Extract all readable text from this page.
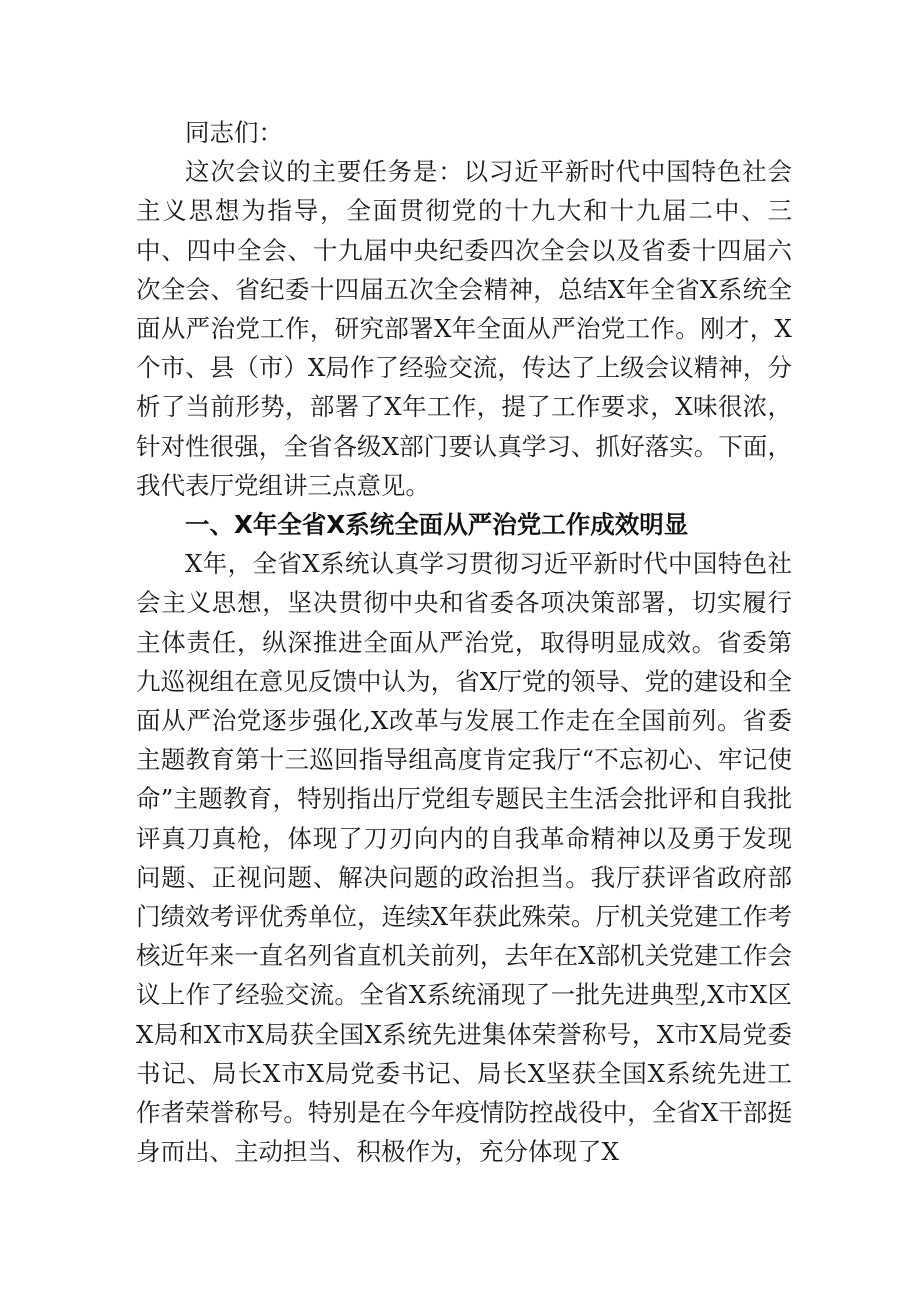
同志们：

这次会议的主要任务是：以习近平新时代中国特色社会主义思想为指导，全面贯彻党的十九大和十九届二中、三中、四中全会、十九届中央纪委四次全会以及省委十四届六次全会、省纪委十四届五次全会精神，总结X年全省X系统全面从严治党工作，研究部署X年全面从严治党工作。刚才，X个市、县（市）X局作了经验交流，传达了上级会议精神，分析了当前形势，部署了X年工作，提了工作要求，X味很浓，针对性很强，全省各级X部门要认真学习、抓好落实。下面，我代表厅党组讲三点意见。

一、X年全省X系统全面从严治党工作成效明显

X年，全省X系统认真学习贯彻习近平新时代中国特色社会主义思想，坚决贯彻中央和省委各项决策部署，切实履行主体责任，纵深推进全面从严治党，取得明显成效。省委第九巡视组在意见反馈中认为，省X厅党的领导、党的建设和全面从严治党逐步强化,X改革与发展工作走在全国前列。省委主题教育第十三巡回指导组高度肯定我厅“不忘初心、牢记使命”主题教育，特别指出厅党组专题民主生活会批评和自我批评真刀真枪，体现了刀刃向内的自我革命精神以及勇于发现问题、正视问题、解决问题的政治担当。我厅获评省政府部门绩效考评优秀单位，连续X年获此殊荣。厅机关党建工作考核近年来一直名列省直机关前列，去年在X部机关党建工作会议上作了经验交流。全省X系统涌现了一批先进典型,X市X区X局和X市X局获全国X系统先进集体荣誉称号，X市X局党委书记、局长X市X局党委书记、局长X坚获全国X系统先进工作者荣誉称号。特别是在今年疫情防控战役中，全省X干部挺身而出、主动担当、积极作为，充分体现了X
